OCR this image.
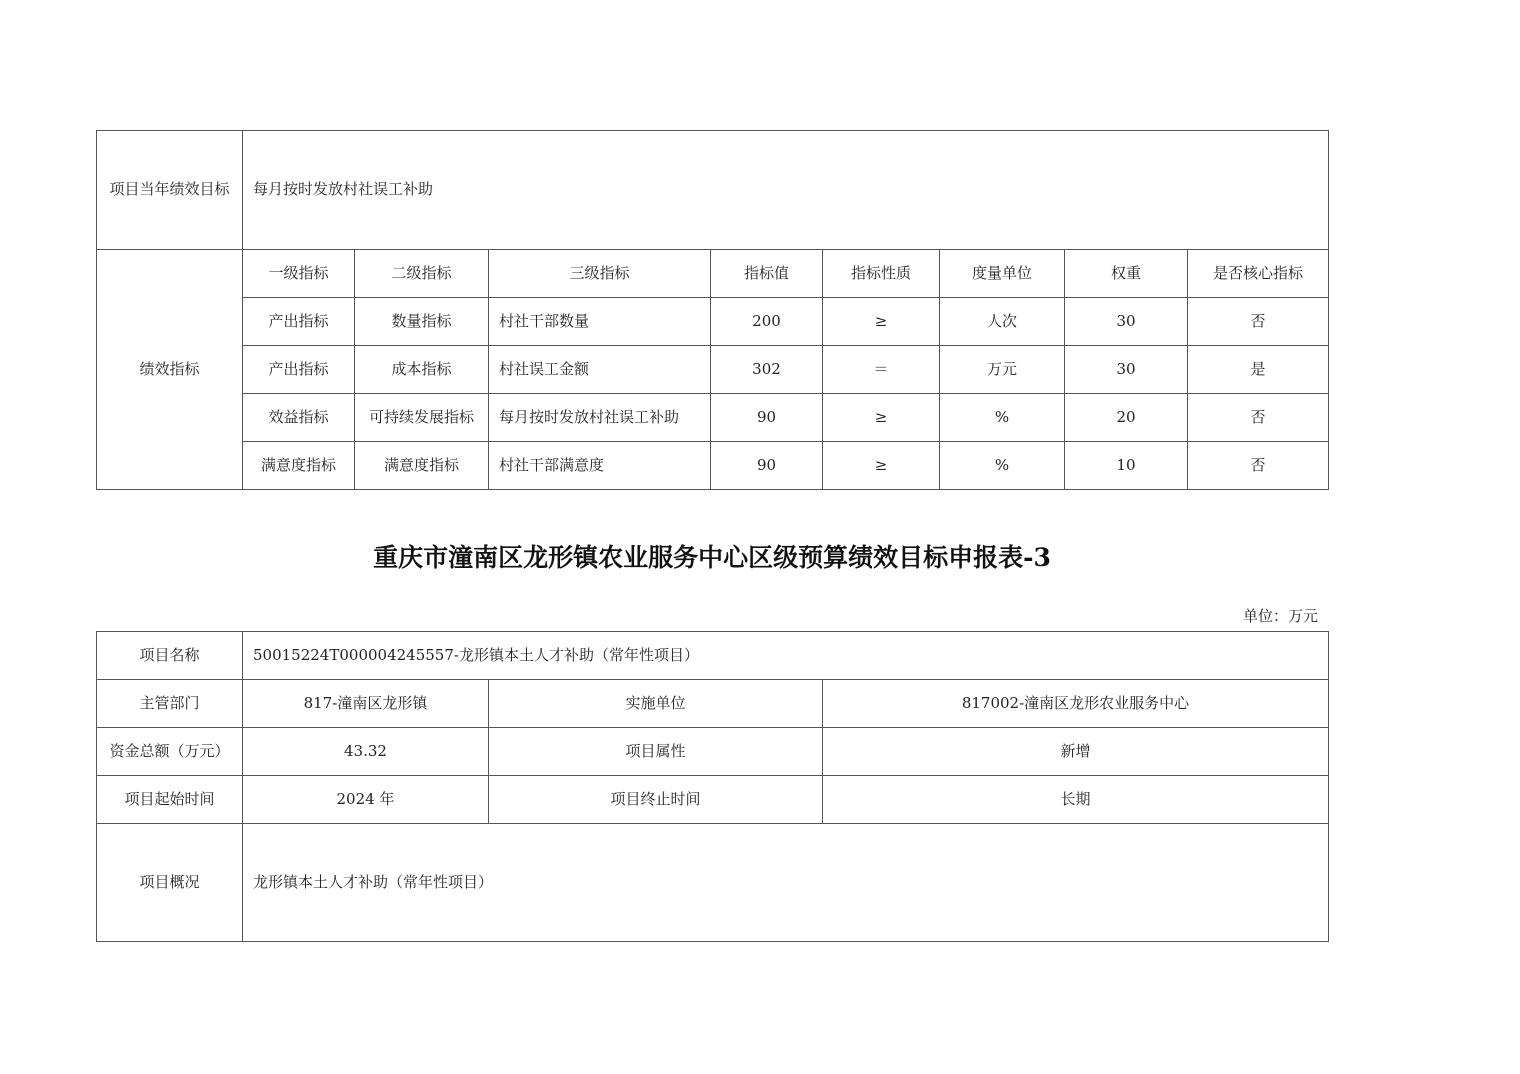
项目当年绩效目标	每月按时发放村社误工补助							
绩效指标	一级指标	二级指标	三级指标	指标值	指标性质	度量单位	权重	是否核心指标
	产出指标	数量指标	村社干部数量	200	≥	人次	30	否
	产出指标	成本指标	村社误工金额	302	＝	万元	30	是
	效益指标	可持续发展指标	每月按时发放村社误工补助	90	≥	%	20	否
	满意度指标	满意度指标	村社干部满意度	90	≥	%	10	否
重庆市潼南区龙形镇农业服务中心区级预算绩效目标申报表-3
单位：万元
项目名称	50015224T000004245557-龙形镇本土人才补助（常年性项目）		
主管部门	817-潼南区龙形镇	实施单位	817002-潼南区龙形农业服务中心
资金总额（万元）	43.32	项目属性	新增
项目起始时间	2024 年	项目终止时间	长期
项目概况	龙形镇本土人才补助（常年性项目）		
